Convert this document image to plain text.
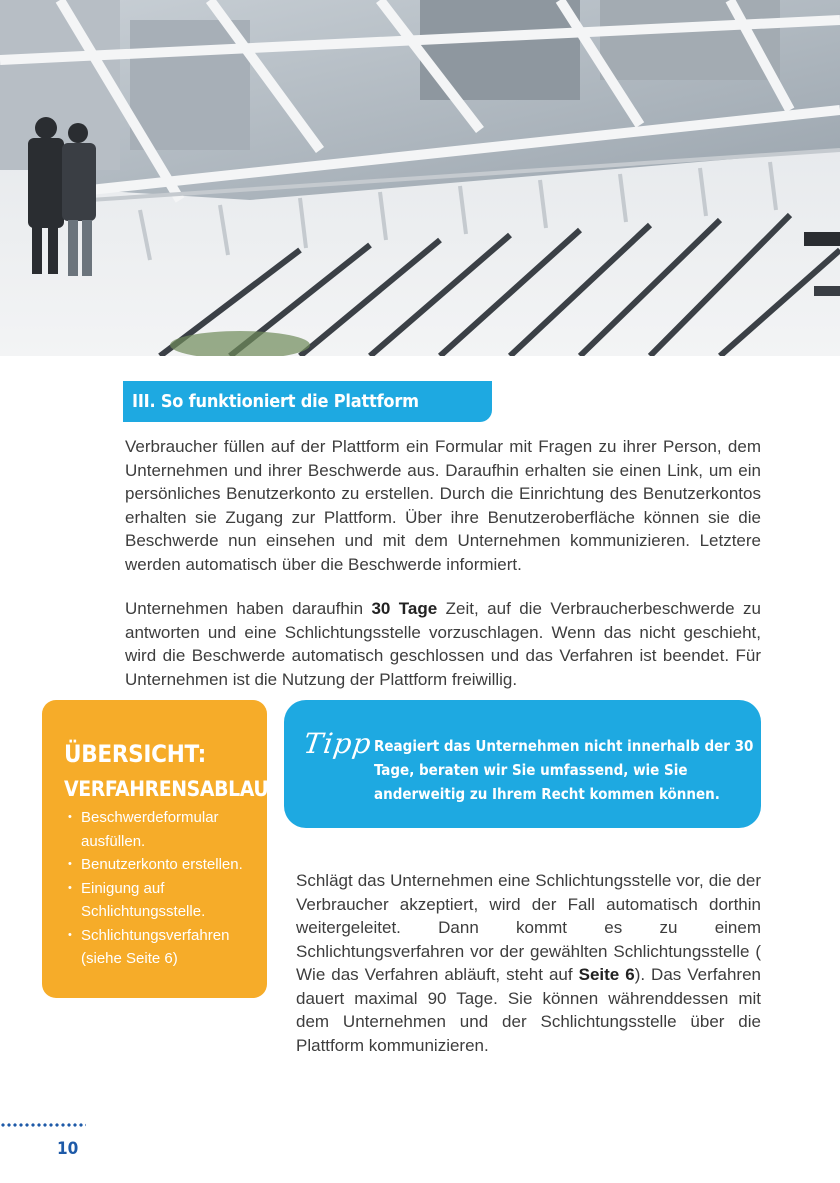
III. So funktioniert die Plattform

Verbraucher füllen auf der Plattform ein Formular mit Fragen zu ihrer Person, dem Unternehmen und ihrer Beschwerde aus. Daraufhin erhalten sie einen Link, um ein persönliches Benutzerkonto zu erstellen. Durch die Einrichtung des Benutzerkontos erhalten sie Zugang zur Plattform. Über ihre Benutzeroberfläche können sie die Beschwerde nun einsehen und mit dem Unternehmen kommunizieren. Letztere werden automatisch über die Beschwerde informiert.

Unternehmen haben daraufhin 30 Tage Zeit, auf die Verbraucherbeschwerde zu antworten und eine Schlichtungsstelle vorzuschlagen. Wenn das nicht geschieht, wird die Beschwerde automatisch geschlossen und das Verfahren ist beendet. Für Unternehmen ist die Nutzung der Plattform freiwillig.

ÜBERSICHT:
VERFAHRENSABLAUF
• Beschwerdeformular ausfüllen.
• Benutzerkonto erstellen.
• Einigung auf Schlichtungsstelle.
• Schlichtungsverfahren (siehe Seite 6)
Tipp Reagiert das Unternehmen nicht innerhalb der 30 Tage, beraten wir Sie umfassend, wie Sie anderweitig zu Ihrem Recht kommen können.

Schlägt das Unternehmen eine Schlichtungsstelle vor, die der Verbraucher akzeptiert, wird der Fall automatisch dorthin weitergeleitet. Dann kommt es zu einem Schlichtungsverfahren vor der gewählten Schlichtungsstelle ( Wie das Verfahren abläuft, steht auf Seite 6). Das Verfahren dauert maximal 90 Tage. Sie können währenddessen mit dem Unternehmen und der Schlichtungsstelle über die Plattform kommunizieren.

10
